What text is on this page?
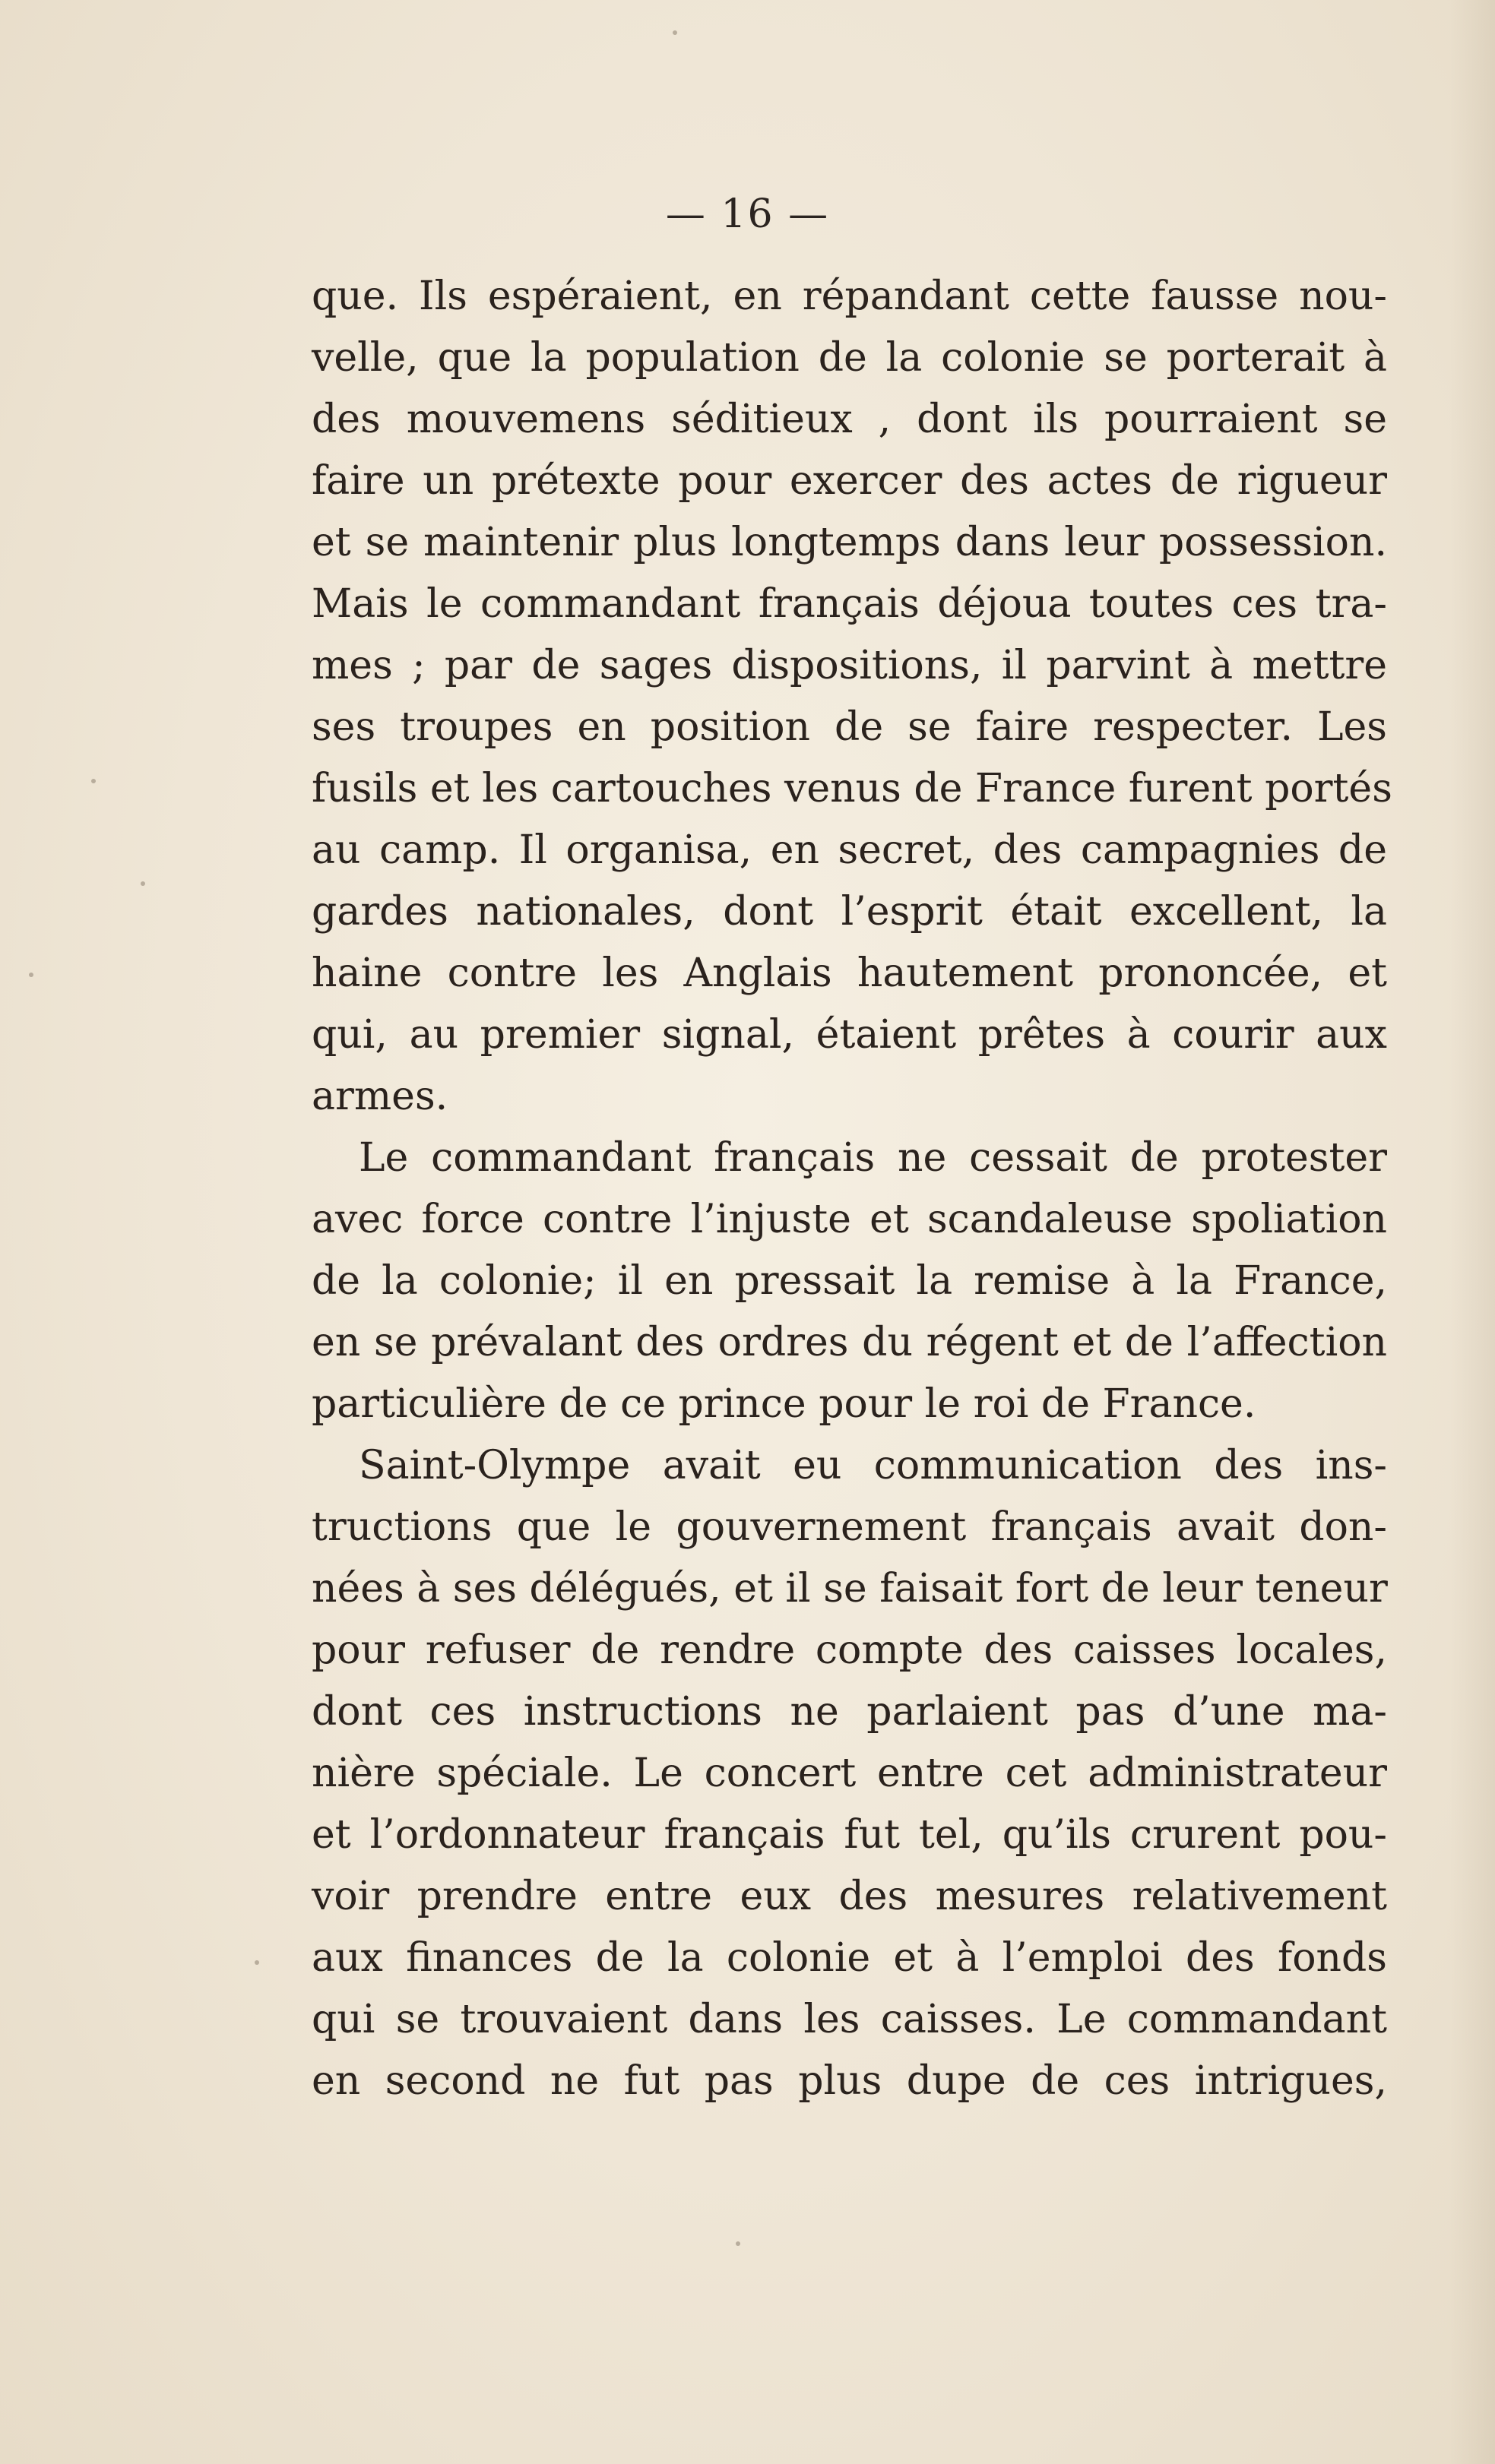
— 16 —
que. Ils espéraient, en répandant cette fausse nou-
velle, que la population de la colonie se porterait à
des mouvemens séditieux , dont ils pourraient se
faire un prétexte pour exercer des actes de rigueur
et se maintenir plus longtemps dans leur possession.
Mais le commandant français déjoua toutes ces tra-
mes ; par de sages dispositions, il parvint à mettre
ses troupes en position de se faire respecter. Les
fusils et les cartouches venus de France furent portés
au camp. Il organisa, en secret, des campagnies de
gardes nationales, dont l’esprit était excellent, la
haine contre les Anglais hautement prononcée, et
qui, au premier signal, étaient prêtes à courir aux
armes.
Le commandant français ne cessait de protester
avec force contre l’injuste et scandaleuse spoliation
de la colonie; il en pressait la remise à la France,
en se prévalant des ordres du régent et de l’affection
particulière de ce prince pour le roi de France.
Saint-Olympe avait eu communication des ins-
tructions que le gouvernement français avait don-
nées à ses délégués, et il se faisait fort de leur teneur
pour refuser de rendre compte des caisses locales,
dont ces instructions ne parlaient pas d’une ma-
nière spéciale. Le concert entre cet administrateur
et l’ordonnateur français fut tel, qu’ils crurent pou-
voir prendre entre eux des mesures relativement
aux finances de la colonie et à l’emploi des fonds
qui se trouvaient dans les caisses. Le commandant
en second ne fut pas plus dupe de ces intrigues,
